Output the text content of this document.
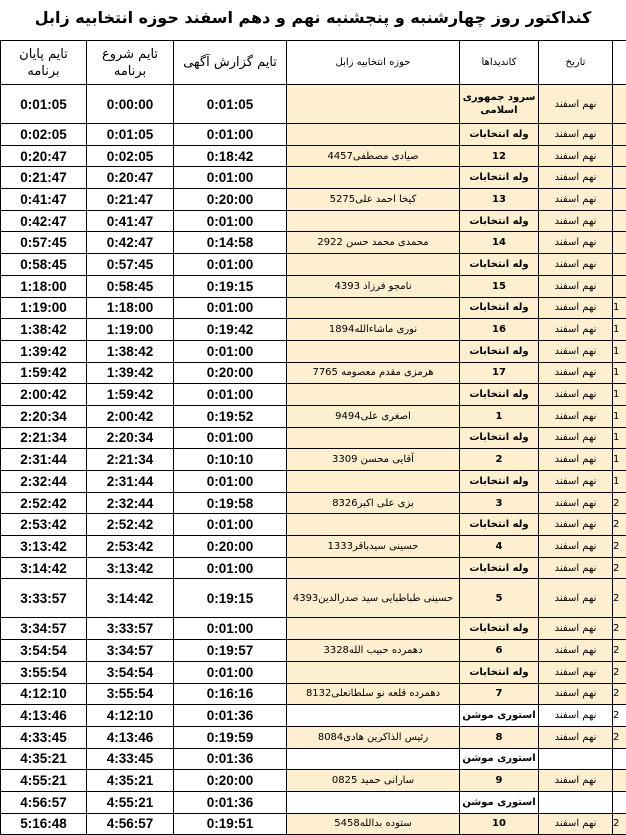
کنداکتور روز چهارشنبه و پنجشنبه نهم و دهم اسفند حوزه انتخابیه زابل
تایم پایان برنامه	تایم شروع برنامه	تایم گزارش آگهی	حوزه انتخابیه زابل	کاندیداها	تاریخ	
0:01:05	0:00:00	0:01:05		سرود جمهوری اسلامی	نهم اسفند	
0:02:05	0:01:05	0:01:00		وله انتخابات	نهم اسفند	
0:20:47	0:02:05	0:18:42	صیادی مصطفی4457	12	نهم اسفند	
0:21:47	0:20:47	0:01:00		وله انتخابات	نهم اسفند	
0:41:47	0:21:47	0:20:00	کیخا احمد علی5275	13	نهم اسفند	
0:42:47	0:41:47	0:01:00		وله انتخابات	نهم اسفند	
0:57:45	0:42:47	0:14:58	محمدی محمد حسن 2922	14	نهم اسفند	
0:58:45	0:57:45	0:01:00		وله انتخابات	نهم اسفند	
1:18:00	0:58:45	0:19:15	نامجو فرزاد 4393	15	نهم اسفند	
1:19:00	1:18:00	0:01:00		وله انتخابات	نهم اسفند	1
1:38:42	1:19:00	0:19:42	نوری ماشاءالله1894	16	نهم اسفند	1
1:39:42	1:38:42	0:01:00		وله انتخابات	نهم اسفند	1
1:59:42	1:39:42	0:20:00	هرمزی مقدم معصومه 7765	17	نهم اسفند	1
2:00:42	1:59:42	0:01:00		وله انتخابات	نهم اسفند	1
2:20:34	2:00:42	0:19:52	اصغری علی9494	1	نهم اسفند	1
2:21:34	2:20:34	0:01:00		وله انتخابات	نهم اسفند	1
2:31:44	2:21:34	0:10:10	آقایی محسن 3309	2	نهم اسفند	1
2:32:44	2:31:44	0:01:00		وله انتخابات	نهم اسفند	1
2:52:42	2:32:44	0:19:58	بزی علی اکبر8326	3	نهم اسفند	2
2:53:42	2:52:42	0:01:00		وله انتخابات	نهم اسفند	2
3:13:42	2:53:42	0:20:00	حسینی سیدباقر1333	4	نهم اسفند	2
3:14:42	3:13:42	0:01:00		وله انتخابات	نهم اسفند	2
3:33:57	3:14:42	0:19:15	حسینی طباطبایی سید صدرالدین4393	5	نهم اسفند	2
3:34:57	3:33:57	0:01:00		وله انتخابات	نهم اسفند	2
3:54:54	3:34:57	0:19:57	دهمرده حبیب الله3328	6	نهم اسفند	2
3:55:54	3:54:54	0:01:00		وله انتخابات	نهم اسفند	2
4:12:10	3:55:54	0:16:16	دهمرده قلعه نو سلطانعلی8132	7	نهم اسفند	2
4:13:46	4:12:10	0:01:36		استوری موشن	نهم اسفند	2
4:33:45	4:13:46	0:19:59	رئیس الذاکرین هادی8084	8	نهم اسفند	2
4:35:21	4:33:45	0:01:36		استوری موشن		
4:55:21	4:35:21	0:20:00	سارانی حمید 0825	9	نهم اسفند	
4:56:57	4:55:21	0:01:36		استوری موشن		
5:16:48	4:56:57	0:19:51	ستوده بدالله5458	10	نهم اسفند	2
